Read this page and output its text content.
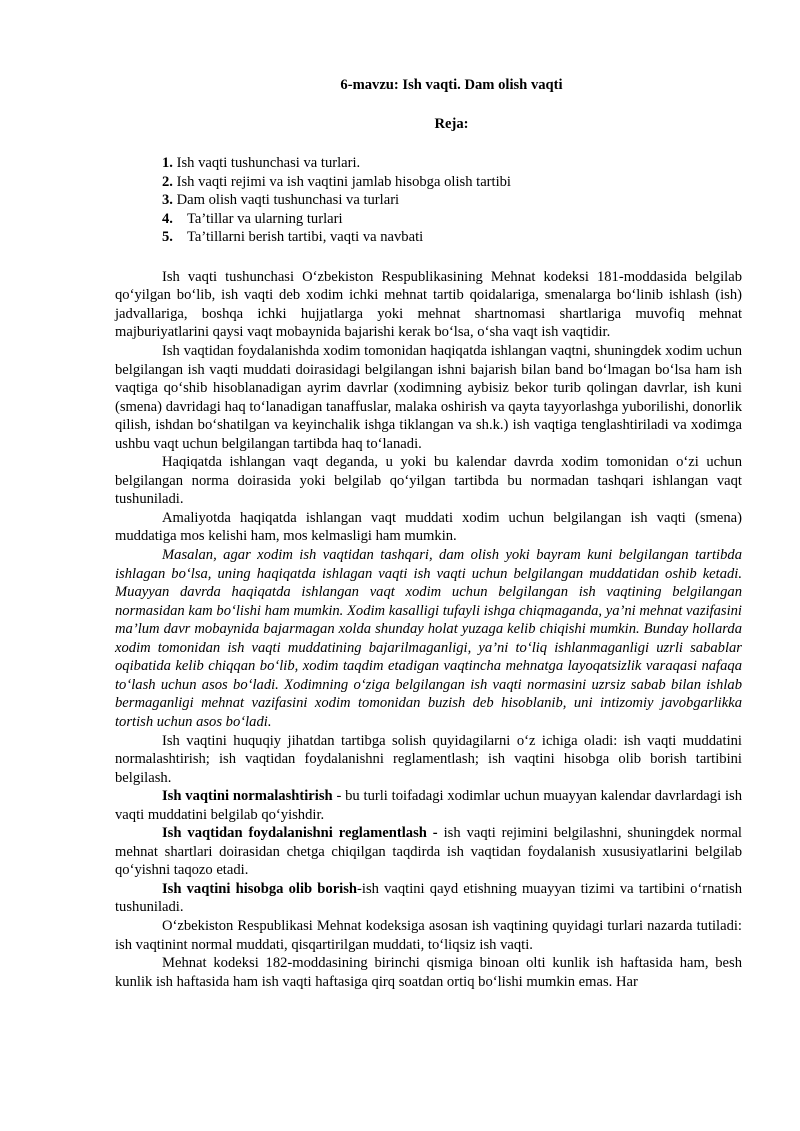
6-mavzu: Ish vaqti. Dam olish vaqti

Reja:

1. Ish vaqti tushunchasi va turlari.
2. Ish vaqti rejimi va ish vaqtini jamlab hisobga olish tartibi
3. Dam olish vaqti tushunchasi va turlari
4. Ta’tillar va ularning turlari
5. Ta’tillarni berish tartibi, vaqti va navbati

Ish vaqti tushunchasi O‘zbekiston Respublikasining Mehnat kodeksi 181-moddasida belgilab qo‘yilgan bo‘lib, ish vaqti deb xodim ichki mehnat tartib qoidalariga, smenalarga bo‘linib ishlash (ish) jadvallariga, boshqa ichki hujjatlarga yoki mehnat shartnomasi shartlariga muvofiq mehnat majburiyatlarini qaysi vaqt mobaynida bajarishi kerak bo‘lsa, o‘sha vaqt ish vaqtidir.

Ish vaqtidan foydalanishda xodim tomonidan haqiqatda ishlangan vaqtni, shuningdek xodim uchun belgilangan ish vaqti muddati doirasidagi belgilangan ishni bajarish bilan band bo‘lmagan bo‘lsa ham ish vaqtiga qo‘shib hisoblanadigan ayrim davrlar (xodimning aybisiz bekor turib qolingan davrlar, ish kuni (smena) davridagi haq to‘lanadigan tanaffuslar, malaka oshirish va qayta tayyorlashga yuborilishi, donorlik qilish, ishdan bo‘shatilgan va keyinchalik ishga tiklangan va sh.k.) ish vaqtiga tenglashtiriladi va xodimga ushbu vaqt uchun belgilangan tartibda haq to‘lanadi.

Haqiqatda ishlangan vaqt deganda, u yoki bu kalendar davrda xodim tomonidan o‘zi uchun belgilangan norma doirasida yoki belgilab qo‘yilgan tartibda bu normadan tashqari ishlangan vaqt tushuniladi.

Amaliyotda haqiqatda ishlangan vaqt muddati xodim uchun belgilangan ish vaqti (smena) muddatiga mos kelishi ham, mos kelmasligi ham mumkin.

Masalan, agar xodim ish vaqtidan tashqari, dam olish yoki bayram kuni belgilangan tartibda ishlagan bo‘lsa, uning haqiqatda ishlagan vaqti ish vaqti uchun belgilangan muddatidan oshib ketadi. Muayyan davrda haqiqatda ishlangan vaqt xodim uchun belgilangan ish vaqtining belgilangan normasidan kam bo‘lishi ham mumkin. Xodim kasalligi tufayli ishga chiqmaganda, ya’ni mehnat vazifasini ma’lum davr mobaynida bajarmagan xolda shunday holat yuzaga kelib chiqishi mumkin. Bunday hollarda xodim tomonidan ish vaqti muddatining bajarilmaganligi, ya’ni to‘liq ishlanmaganligi uzrli sabablar oqibatida kelib chiqqan bo‘lib, xodim taqdim etadigan vaqtincha mehnatga layoqatsizlik varaqasi nafaqa to‘lash uchun asos bo‘ladi. Xodimning o‘ziga belgilangan ish vaqti normasini uzrsiz sabab bilan ishlab bermaganligi mehnat vazifasini xodim tomonidan buzish deb hisoblanib, uni intizomiy javobgarlikka tortish uchun asos bo‘ladi.

Ish vaqtini huquqiy jihatdan tartibga solish quyidagilarni o‘z ichiga oladi: ish vaqti muddatini normalashtirish; ish vaqtidan foydalanishni reglamentlash; ish vaqtini hisobga olib borish tartibini belgilash.

Ish vaqtini normalashtirish - bu turli toifadagi xodimlar uchun muayyan kalendar davrlardagi ish vaqti muddatini belgilab qo‘yishdir.

Ish vaqtidan foydalanishni reglamentlash - ish vaqti rejimini belgilashni, shuningdek normal mehnat shartlari doirasidan chetga chiqilgan taqdirda ish vaqtidan foydalanish xususiyatlarini belgilab qo‘yishni taqozo etadi.

Ish vaqtini hisobga olib borish-ish vaqtini qayd etishning muayyan tizimi va tartibini o‘rnatish tushuniladi.

O‘zbekiston Respublikasi Mehnat kodeksiga asosan ish vaqtining quyidagi turlari nazarda tutiladi: ish vaqtinint normal muddati, qisqartirilgan muddati, to‘liqsiz ish vaqti.

Mehnat kodeksi 182-moddasining birinchi qismiga binoan olti kunlik ish haftasida ham, besh kunlik ish haftasida ham ish vaqti haftasiga qirq soatdan ortiq bo‘lishi mumkin emas. Har
